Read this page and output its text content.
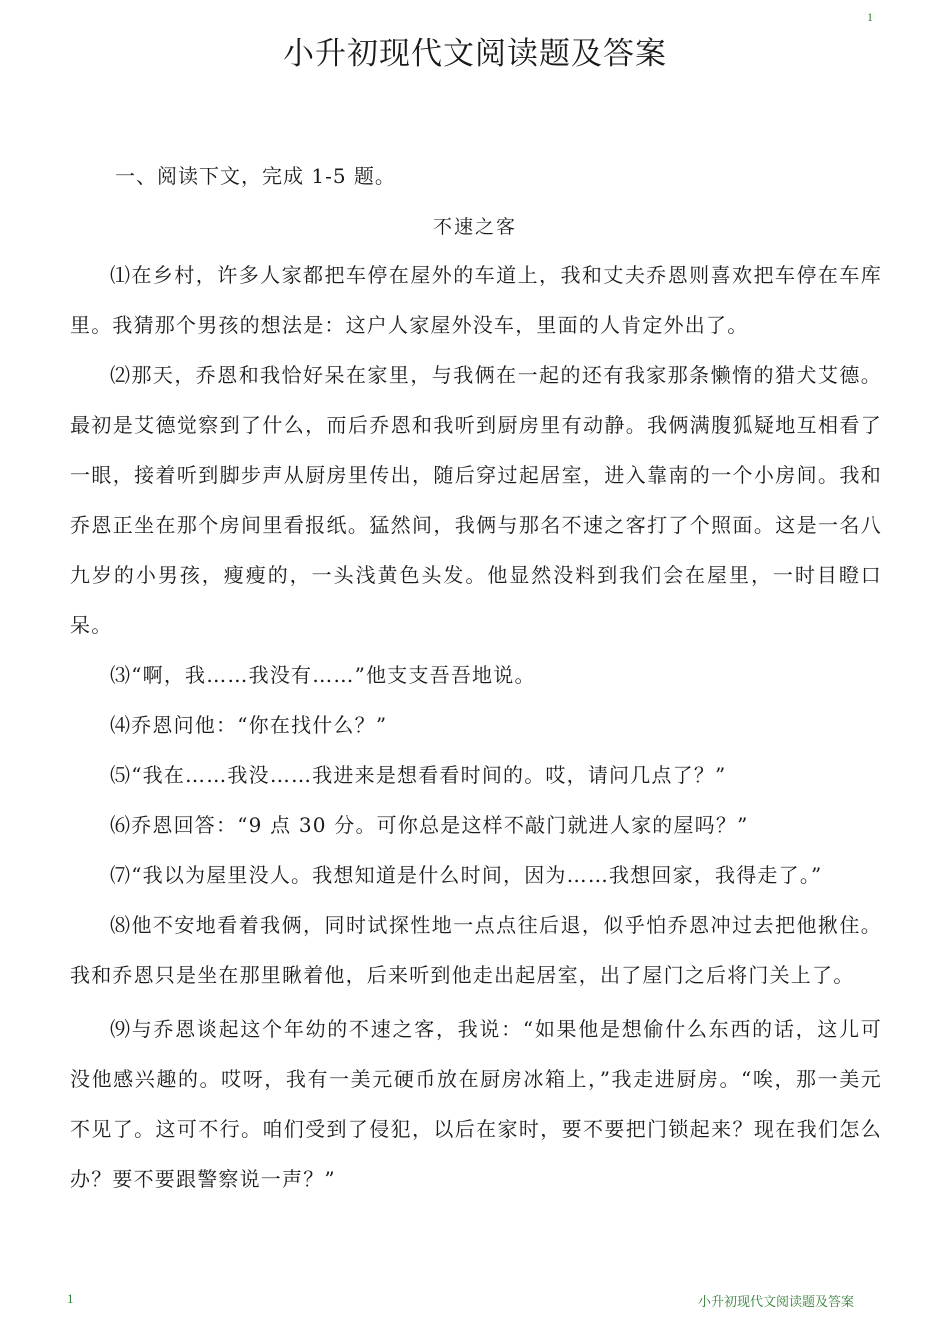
1
小升初现代文阅读题及答案
一、阅读下文，完成 1-5 题。
不速之客

⑴在乡村，许多人家都把车停在屋外的车道上，我和丈夫乔恩则喜欢把车停在车库里。我猜那个男孩的想法是：这户人家屋外没车，里面的人肯定外出了。

⑵那天，乔恩和我恰好呆在家里，与我俩在一起的还有我家那条懒惰的猎犬艾德。最初是艾德觉察到了什么，而后乔恩和我听到厨房里有动静。我俩满腹狐疑地互相看了一眼，接着听到脚步声从厨房里传出，随后穿过起居室，进入靠南的一个小房间。我和乔恩正坐在那个房间里看报纸。猛然间，我俩与那名不速之客打了个照面。这是一名八九岁的小男孩，瘦瘦的，一头浅黄色头发。他显然没料到我们会在屋里，一时目瞪口呆。

⑶“啊，我……我没有……”他支支吾吾地说。

⑷乔恩问他：“你在找什么？”

⑸“我在……我没……我进来是想看看时间的。哎，请问几点了？”

⑹乔恩回答：“9 点 30 分。可你总是这样不敲门就进人家的屋吗？”

⑺“我以为屋里没人。我想知道是什么时间，因为……我想回家，我得走了。”

⑻他不安地看着我俩，同时试探性地一点点往后退，似乎怕乔恩冲过去把他揪住。我和乔恩只是坐在那里瞅着他，后来听到他走出起居室，出了屋门之后将门关上了。

⑼与乔恩谈起这个年幼的不速之客，我说：“如果他是想偷什么东西的话，这儿可没他感兴趣的。哎呀，我有一美元硬币放在厨房冰箱上，”我走进厨房。“唉，那一美元不见了。这可不行。咱们受到了侵犯，以后在家时，要不要把门锁起来？现在我们怎么办？要不要跟警察说一声？”

1	小升初现代文阅读题及答案
